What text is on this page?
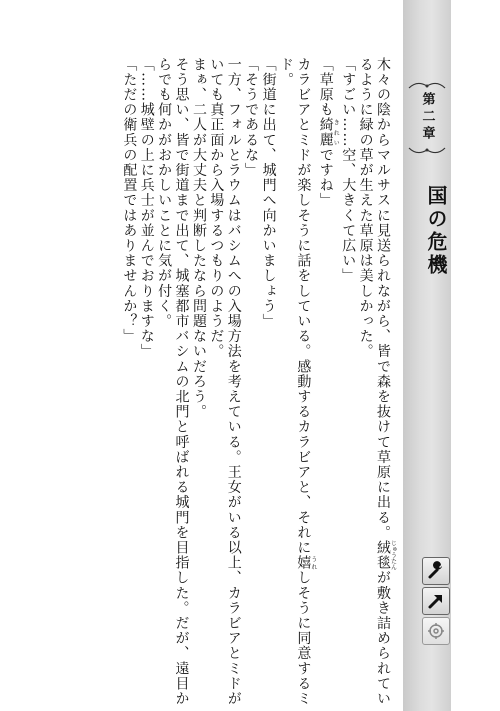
木々の陰からマルサスに見送られながら、皆で森を抜けて草原に出る。絨毯じゅうたんが敷き詰められてい
るように緑の草が生えた草原は美しかった。
「すごい……空、大きくて広い」
「草原も綺麗きれいですね」
カラビアとミドが楽しそうに話をしている。感動するカラビアと、それに嬉うれしそうに同意するミ
ド。
「街道に出て、城門へ向かいましょう」
「そうであるな」
一方、フォルとラウムはバシムへの入場方法を考えている。王女がいる以上、カラビアとミドが
いても真正面から入場するつもりのようだ。
まぁ、二人が大丈夫と判断したなら問題ないだろう。
そう思い、皆で街道まで出て、城塞都市バシムの北門と呼ばれる城門を目指した。だが、遠目か
らでも何かがおかしいことに気が付く。
「……城壁の上に兵士が並んでおりますな」
「ただの衛兵の配置ではありませんか？」	第二章
国の危機
